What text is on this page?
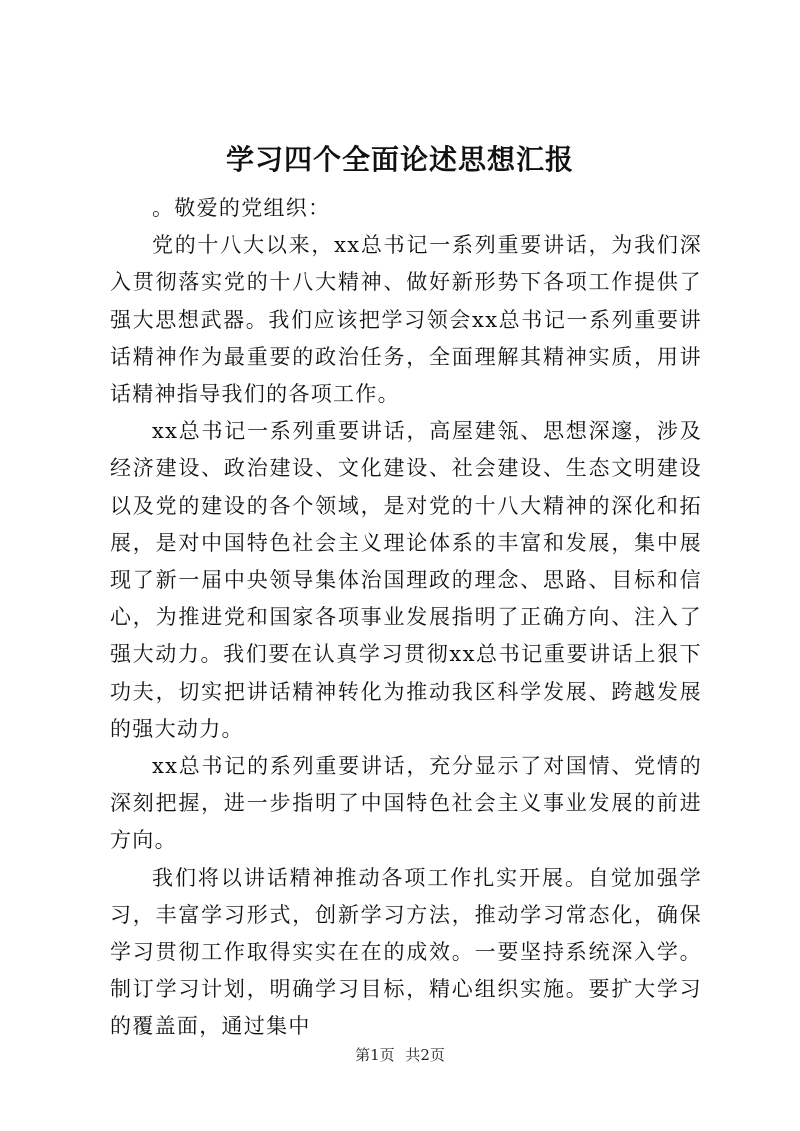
学习四个全面论述思想汇报

。敬爱的党组织：

党的十八大以来，xx总书记一系列重要讲话，为我们深入贯彻落实党的十八大精神、做好新形势下各项工作提供了强大思想武器。我们应该把学习领会xx总书记一系列重要讲话精神作为最重要的政治任务，全面理解其精神实质，用讲话精神指导我们的各项工作。

xx总书记一系列重要讲话，高屋建瓴、思想深邃，涉及经济建设、政治建设、文化建设、社会建设、生态文明建设以及党的建设的各个领域，是对党的十八大精神的深化和拓展，是对中国特色社会主义理论体系的丰富和发展，集中展现了新一届中央领导集体治国理政的理念、思路、目标和信心，为推进党和国家各项事业发展指明了正确方向、注入了强大动力。我们要在认真学习贯彻xx总书记重要讲话上狠下功夫，切实把讲话精神转化为推动我区科学发展、跨越发展的强大动力。

xx总书记的系列重要讲话，充分显示了对国情、党情的深刻把握，进一步指明了中国特色社会主义事业发展的前进方向。

我们将以讲话精神推动各项工作扎实开展。自觉加强学习，丰富学习形式，创新学习方法，推动学习常态化，确保学习贯彻工作取得实实在在的成效。一要坚持系统深入学。制订学习计划，明确学习目标，精心组织实施。要扩大学习的覆盖面，通过集中

第1页 共2页
